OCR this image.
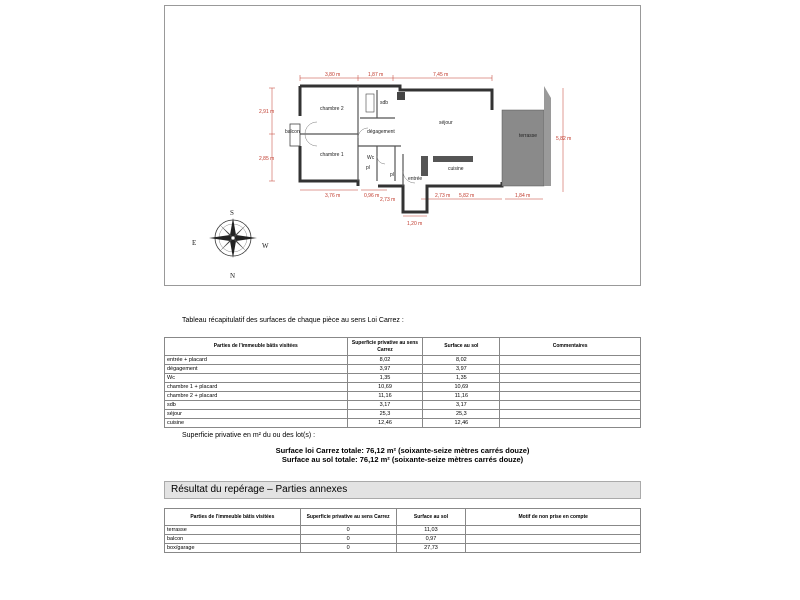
3,80 m	1,87 m	7,45 m
2,91 m
2,85 m
3,76 m	0,96 m
2,73 m
1,20 m
2,73 m 5,82 m	1,84 m
5,82 m
chambre 2
chambre 1
sdb
dégagement
séjour
terrasse
balcon
Wc
pl
pl
entrée
cuisine
S
N
E	W
Tableau récapitulatif des surfaces de chaque pièce au sens Loi Carrez :
Parties de l'immeuble bâtis visitées	Superficie privative au sens Carrez	Surface au sol	Commentaires
entrée + placard	8,02	8,02	
dégagement	3,97	3,97	
Wc	1,35	1,35	
chambre 1 + placard	10,69	10,69	
chambre 2 + placard	11,16	11,16	
sdb	3,17	3,17	
séjour	25,3	25,3	
cuisine	12,46	12,46	
Superficie privative en m² du ou des lot(s) :
Surface loi Carrez totale: 76,12 m² (soixante-seize mètres carrés douze)
Surface au sol totale: 76,12 m² (soixante-seize mètres carrés douze)
Résultat du repérage – Parties annexes
Parties de l'immeuble bâtis visitées	Superficie privative au sens Carrez	Surface au sol	Motif de non prise en compte
terrasse	0	11,03	
balcon	0	0,97	
box/garage	0	27,73	
